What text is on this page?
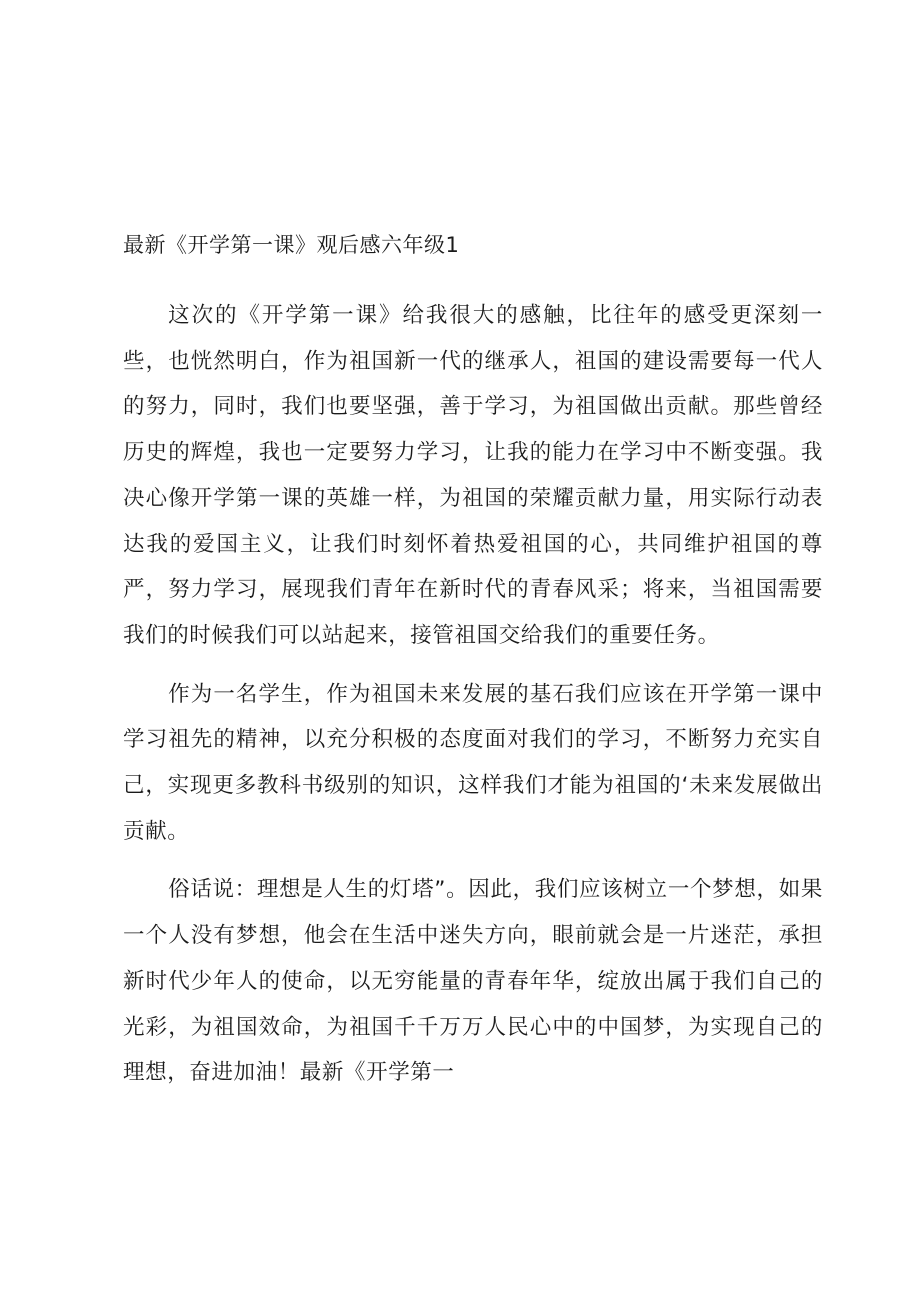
最新《开学第一课》观后感六年级1

这次的《开学第一课》给我很大的感触，比往年的感受更深刻一些，也恍然明白，作为祖国新一代的继承人，祖国的建设需要每一代人的努力，同时，我们也要坚强，善于学习，为祖国做出贡献。那些曾经历史的辉煌，我也一定要努力学习，让我的能力在学习中不断变强。我决心像开学第一课的英雄一样，为祖国的荣耀贡献力量，用实际行动表达我的爱国主义，让我们时刻怀着热爱祖国的心，共同维护祖国的尊严，努力学习，展现我们青年在新时代的青春风采；将来，当祖国需要我们的时候我们可以站起来，接管祖国交给我们的重要任务。

作为一名学生，作为祖国未来发展的基石我们应该在开学第一课中学习祖先的精神，以充分积极的态度面对我们的学习，不断努力充实自己，实现更多教科书级别的知识，这样我们才能为祖国的‘未来发展做出贡献。

俗话说：理想是人生的灯塔”。因此，我们应该树立一个梦想，如果一个人没有梦想，他会在生活中迷失方向，眼前就会是一片迷茫，承担新时代少年人的使命，以无穷能量的青春年华，绽放出属于我们自己的光彩，为祖国效命，为祖国千千万万人民心中的中国梦，为实现自己的理想，奋进加油！最新《开学第一
